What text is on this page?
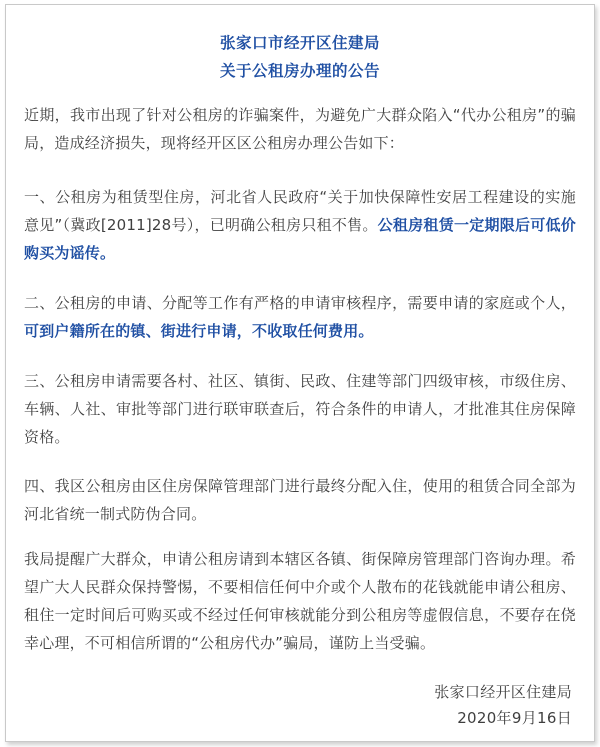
张家口市经开区住建局
关于公租房办理的公告
近期，我市出现了针对公租房的诈骗案件，为避免广大群众陷入“代办公租房”的骗局，造成经济损失，现将经开区区公租房办理公告如下：
一、公租房为租赁型住房，河北省人民政府“关于加快保障性安居工程建设的实施意见”（冀政[2011]28号），已明确公租房只租不售。公租房租赁一定期限后可低价购买为谣传。
二、公租房的申请、分配等工作有严格的申请审核程序，需要申请的家庭或个人，可到户籍所在的镇、街进行申请，不收取任何费用。
三、公租房申请需要各村、社区、镇街、民政、住建等部门四级审核，市级住房、车辆、人社、审批等部门进行联审联查后，符合条件的申请人，才批准其住房保障资格。
四、我区公租房由区住房保障管理部门进行最终分配入住，使用的租赁合同全部为河北省统一制式防伪合同。
我局提醒广大群众，申请公租房请到本辖区各镇、街保障房管理部门咨询办理。希望广大人民群众保持警惕，不要相信任何中介或个人散布的花钱就能申请公租房、租住一定时间后可购买或不经过任何审核就能分到公租房等虚假信息，不要存在侥幸心理，不可相信所谓的“公租房代办”骗局，谨防上当受骗。
张家口经开区住建局
2020年9月16日
